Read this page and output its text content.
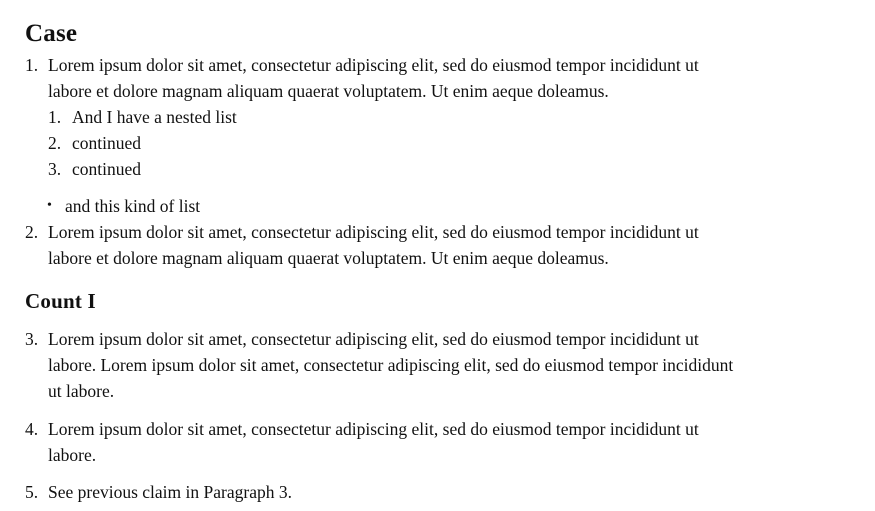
Case
1. Lorem ipsum dolor sit amet, consectetur adipiscing elit, sed do eiusmod tempor incididunt ut
labore et dolore magnam aliquam quaerat voluptatem. Ut enim aeque doleamus.
1. And I have a nested list
2. continued
3. continued
• and this kind of list
2. Lorem ipsum dolor sit amet, consectetur adipiscing elit, sed do eiusmod tempor incididunt ut
labore et dolore magnam aliquam quaerat voluptatem. Ut enim aeque doleamus.
Count I
3. Lorem ipsum dolor sit amet, consectetur adipiscing elit, sed do eiusmod tempor incididunt ut
labore. Lorem ipsum dolor sit amet, consectetur adipiscing elit, sed do eiusmod tempor incididunt
ut labore.
4. Lorem ipsum dolor sit amet, consectetur adipiscing elit, sed do eiusmod tempor incididunt ut
labore.
5. See previous claim in Paragraph 3.
